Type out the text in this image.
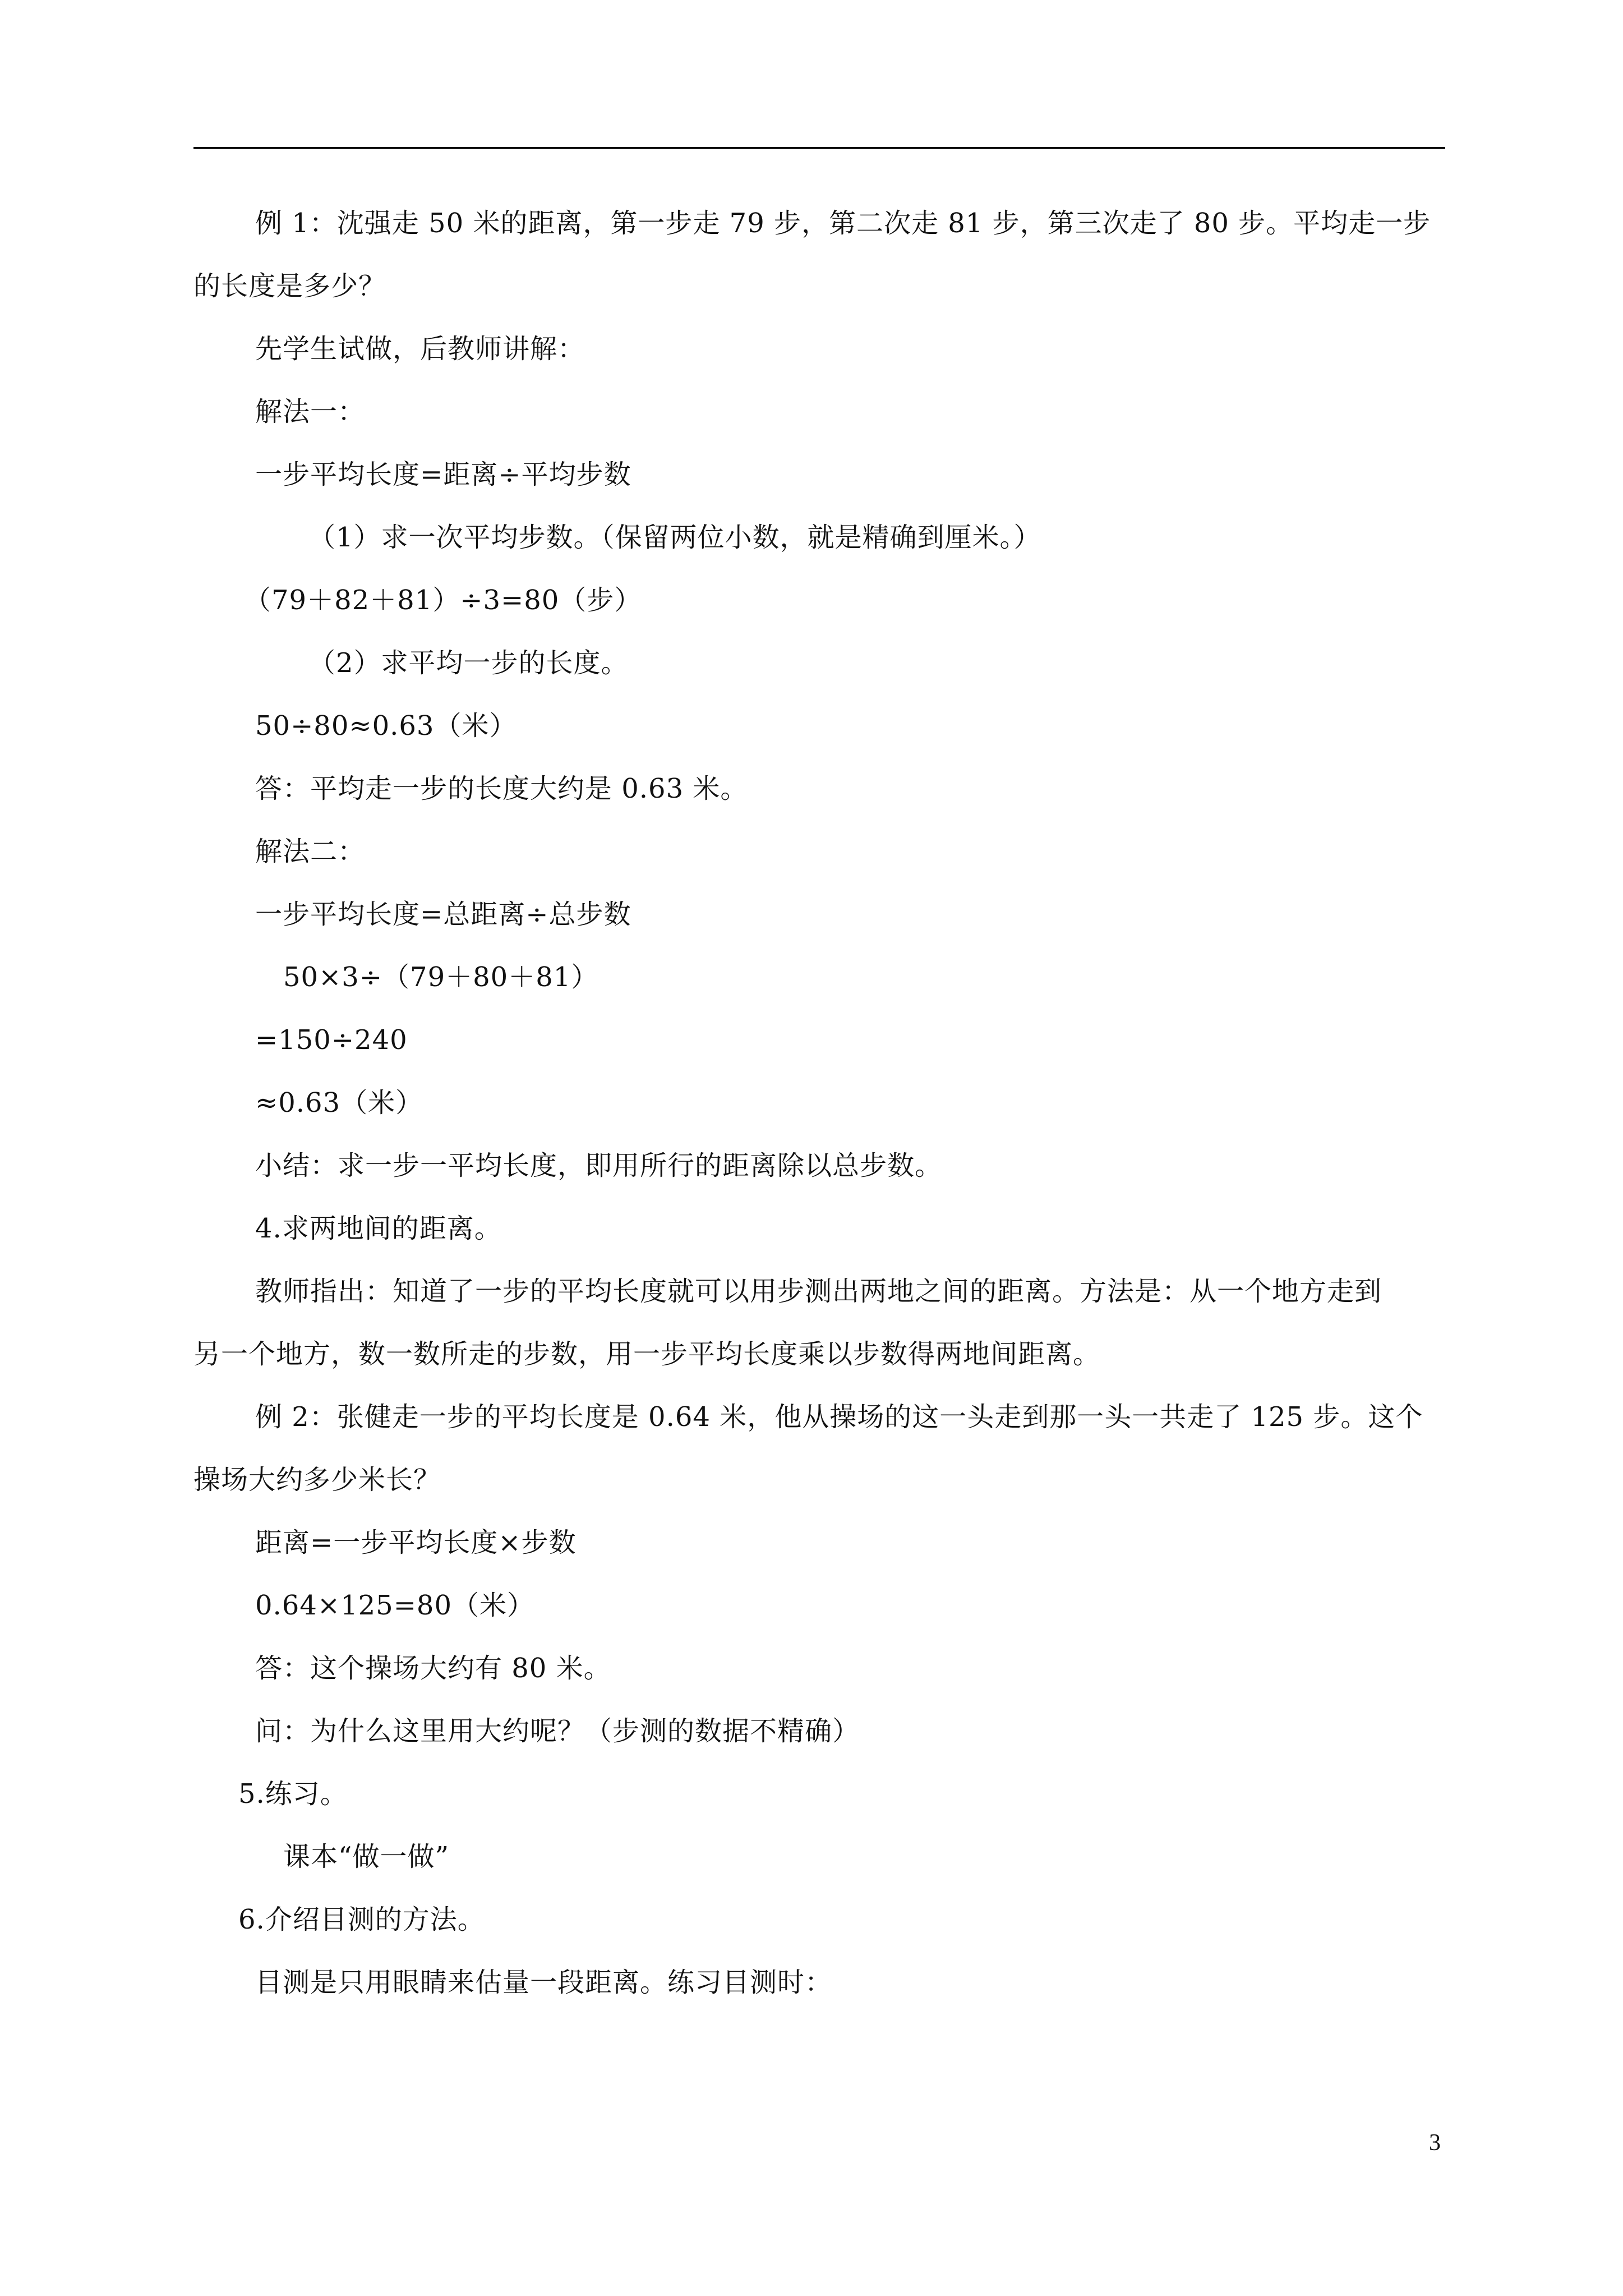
例 1：沈强走 50 米的距离，第一步走 79 步，第二次走 81 步，第三次走了 80 步。平均走一步
的长度是多少？
先学生试做，后教师讲解：
解法一：
一步平均长度=距离÷平均步数
（1）求一次平均步数。（保留两位小数，就是精确到厘米。）
（79＋82＋81）÷3=80（步）
（2）求平均一步的长度。
50÷80≈0.63（米）
答：平均走一步的长度大约是 0.63 米。
解法二：
一步平均长度=总距离÷总步数
50×3÷（79＋80＋81）
=150÷240
≈0.63（米）
小结：求一步一平均长度，即用所行的距离除以总步数。
4.求两地间的距离。
教师指出：知道了一步的平均长度就可以用步测出两地之间的距离。方法是：从一个地方走到
另一个地方，数一数所走的步数，用一步平均长度乘以步数得两地间距离。
例 2：张健走一步的平均长度是 0.64 米，他从操场的这一头走到那一头一共走了 125 步。这个
操场大约多少米长？
距离=一步平均长度×步数
0.64×125=80（米）
答：这个操场大约有 80 米。
问：为什么这里用大约呢？（步测的数据不精确）
5.练习。
课本“做一做”
6.介绍目测的方法。
目测是只用眼睛来估量一段距离。练习目测时：
3
